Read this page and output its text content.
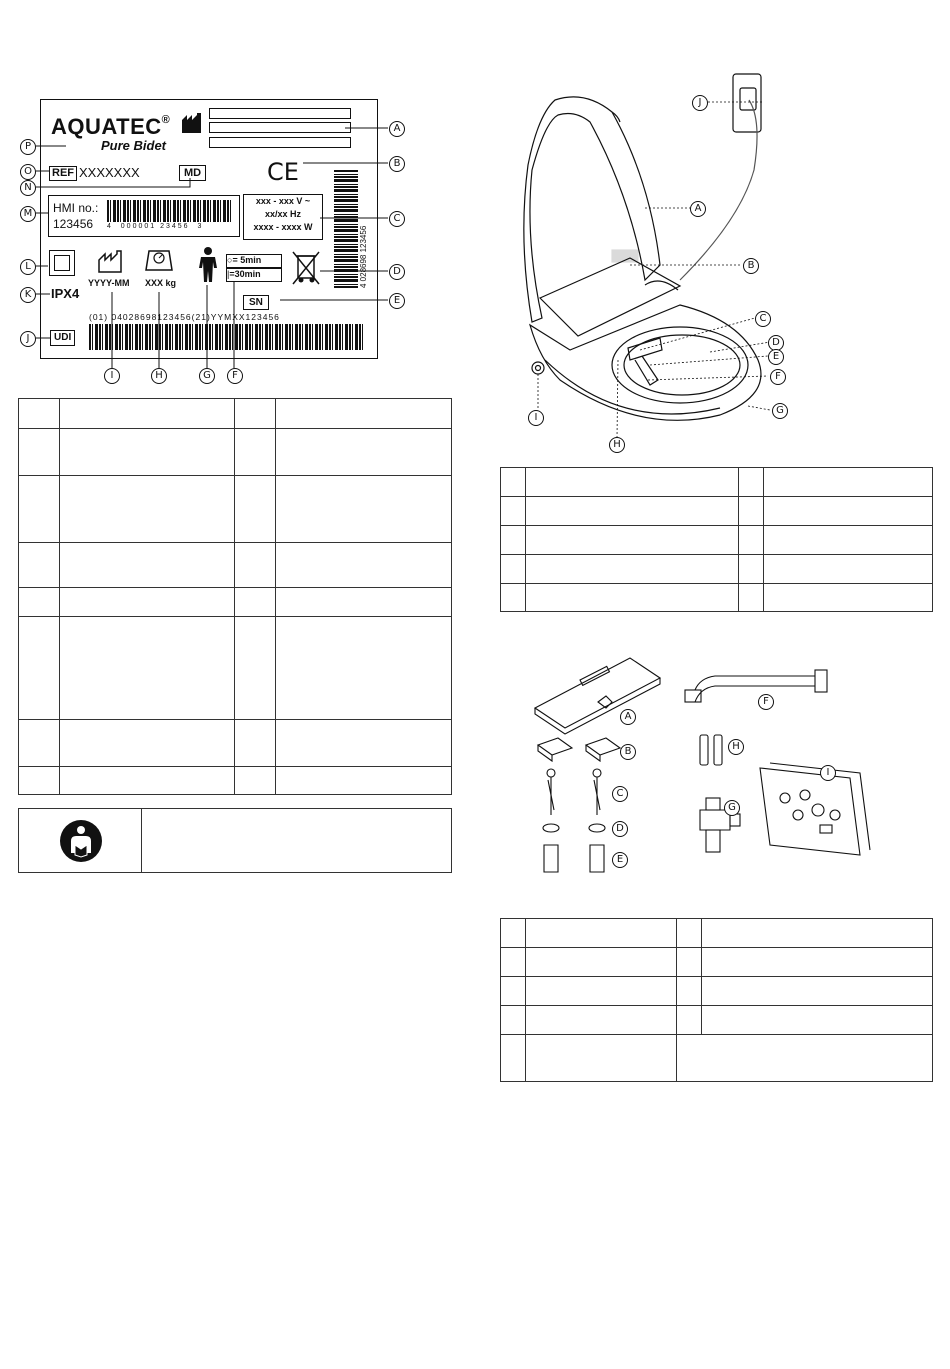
AQUATEC®
Pure Bidet
REF XXXXXXX	MD	CE
4 028698 123456
HMI no.:
123456 4  000001 23456  3
xxx - xxx V ~
xx/xx Hz
xxxx - xxxx W
YYYY-MM XXX kg
○= 5min
|=30min
IPX4
SN
(01) 04028698123456(21)YYMXX123456
UDI
A
B
C
D
E
F
G
H
I
J
K
L
M
N
O
P

J
A
B
C
D
E
F
G
I
H

A
B
C
D
E
F
G
H
I
